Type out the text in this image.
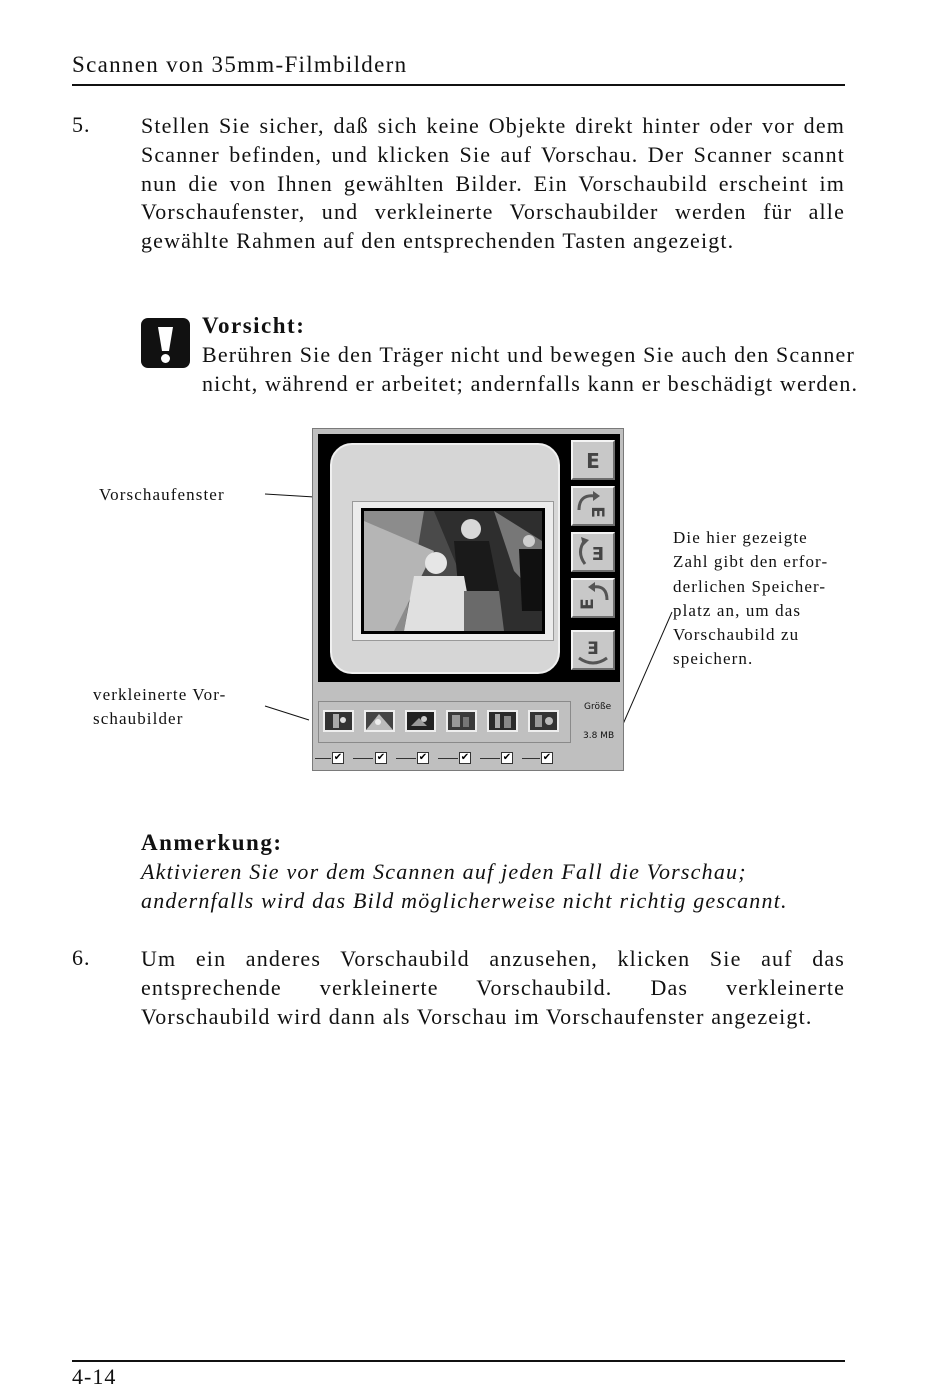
Scannen von 35mm-Filmbildern
5. Stellen Sie sicher, daß sich keine Objekte direkt hinter oder vor dem Scanner befinden, und klicken Sie auf Vorschau. Der Scanner scannt nun die von Ihnen gewählten Bilder. Ein Vorschaubild erscheint im Vorschaufenster, und verkleinerte Vorschaubilder werden für alle gewählte Rahmen auf den entsprechenden Tasten angezeigt.
Vorsicht:
Berühren Sie den Träger nicht und bewegen Sie auch den Scanner nicht, während er arbeitet; andernfalls kann er beschädigt werden.
Vorschaufenster
verkleinerte Vor-
schaubilder
Die hier gezeigte
Zahl gibt den erfor-
derlichen Speicher-
platz an, um das
Vorschaubild zu
speichern.
E
E
E
E
E
✔	✔	✔	✔	✔	✔
Größe
3.8 MB
Anmerkung:
Aktivieren Sie vor dem Scannen auf jeden Fall die Vorschau; andernfalls wird das Bild möglicherweise nicht richtig gescannt.
6. Um ein anderes Vorschaubild anzusehen, klicken Sie auf das entsprechende verkleinerte Vorschaubild. Das verkleinerte Vorschaubild wird dann als Vorschau im Vorschaufenster angezeigt.
4-14
